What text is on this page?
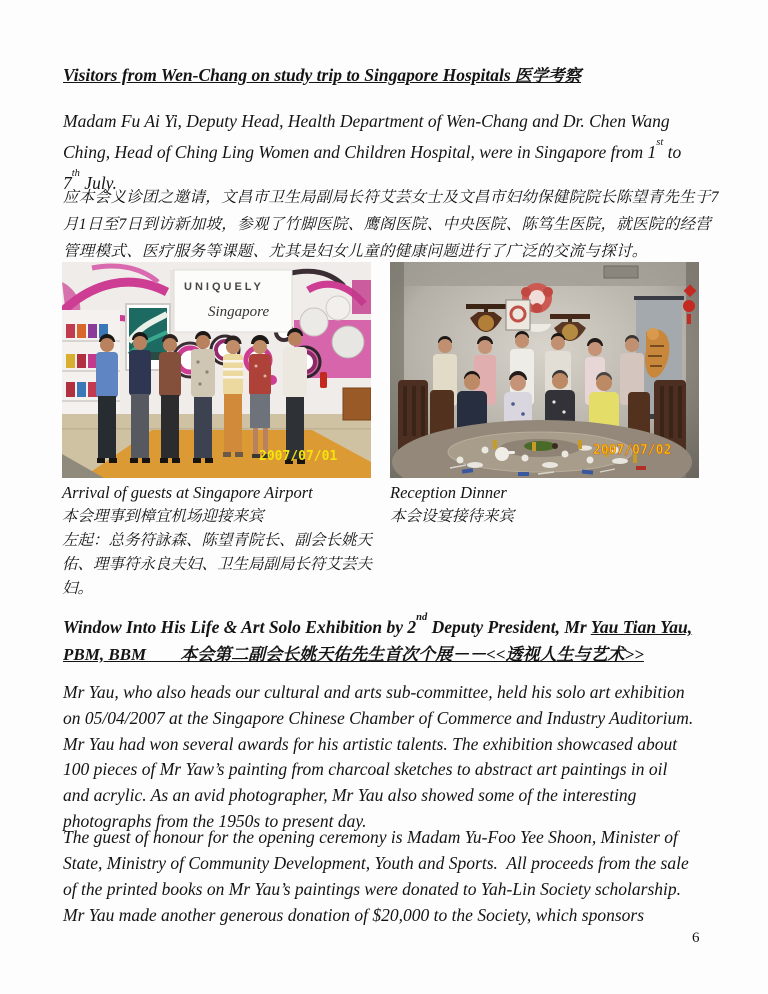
Visitors from Wen-Chang on study trip to Singapore Hospitals 医学考察
Madam Fu Ai Yi, Deputy Head, Health Department of Wen-Chang and Dr. Chen Wang
Ching, Head of Ching Ling Women and Children Hospital, were in Singapore from 1st to
7th July.
应本会义诊团之邀请，文昌市卫生局副局长符艾芸女士及文昌市妇幼保健院院长陈望青先生于7
月1日至7日到访新加坡，参观了竹脚医院、鹰阁医院、中央医院、陈笃生医院，就医院的经营
管理模式、医疗服务等课题、尤其是妇女儿童的健康问题进行了广泛的交流与探讨。
UNIQUELY
Singapore
2007/07/01
Arrival of guests at Singapore Airport
本会理事到樟宜机场迎接来宾
左起：总务符詠森、陈望青院长、副会长姚天
佑、理事符永良夫妇、卫生局副局长符艾芸夫
妇。
2007/07/02
Reception Dinner
本会设宴接待来宾
Window Into His Life & Art Solo Exhibition by 2nd Deputy President, Mr Yau Tian Yau,
PBM, BBM　　本会第二副会长姚天佑先生首次个展－－<<透视人生与艺术>>
Mr Yau, who also heads our cultural and arts sub-committee, held his solo art exhibition
on 05/04/2007 at the Singapore Chinese Chamber of Commerce and Industry Auditorium.
Mr Yau had won several awards for his artistic talents. The exhibition showcased about
100 pieces of Mr Yaw’s painting from charcoal sketches to abstract art paintings in oil
and acrylic. As an avid photographer, Mr Yau also showed some of the interesting
photographs from the 1950s to present day.
The guest of honour for the opening ceremony is Madam Yu-Foo Yee Shoon, Minister of
State, Ministry of Community Development, Youth and Sports.  All proceeds from the sale
of the printed books on Mr Yau’s paintings were donated to Yah-Lin Society scholarship.
Mr Yau made another generous donation of $20,000 to the Society, which sponsors
6
